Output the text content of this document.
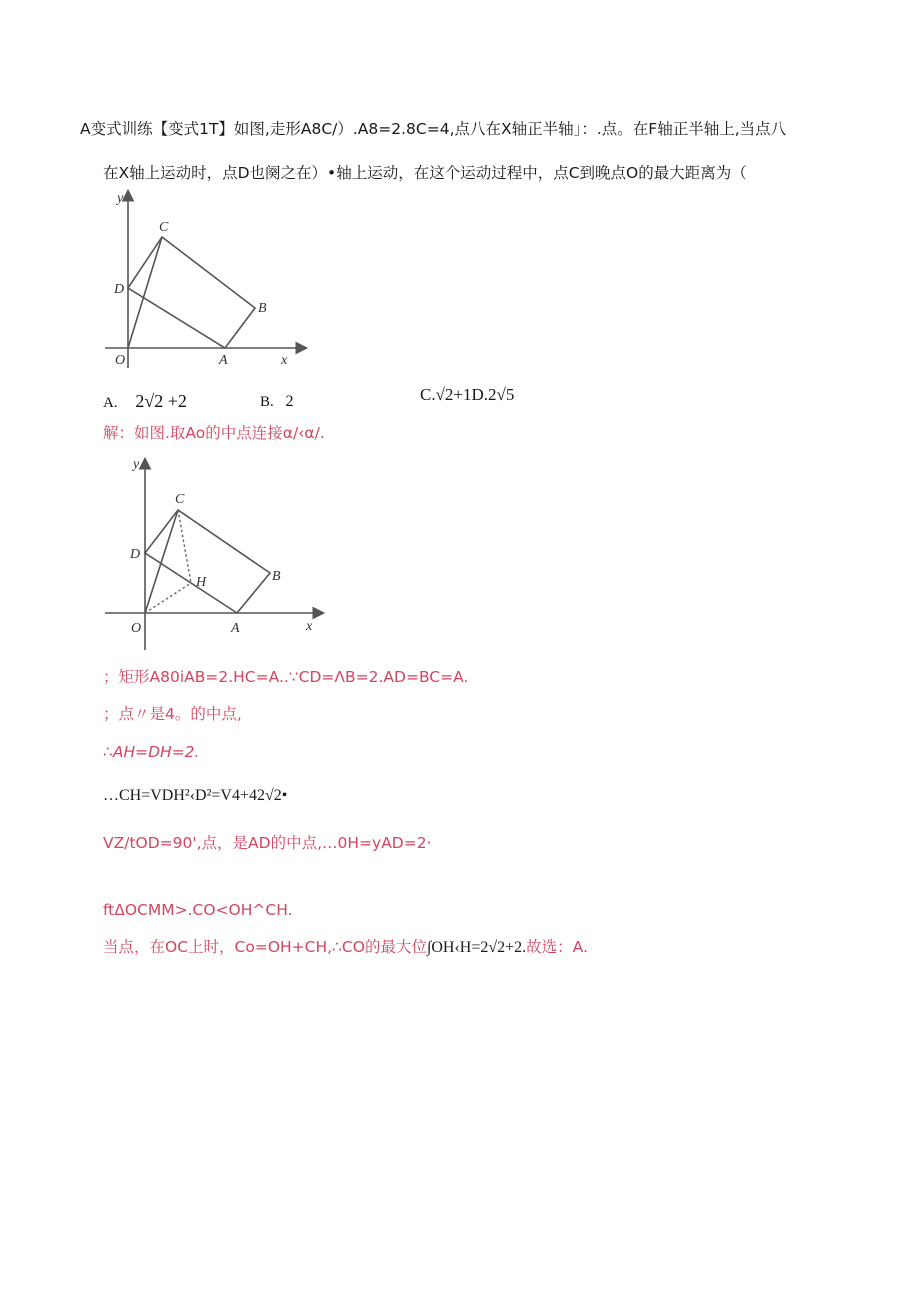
A变式训练【变式1T】如图,走形A8C/）.A8=2.8C=4,点八在X轴正半轴」：.点。在F轴正半轴上,当点八
在X轴上运动时，点D也阕之在）•轴上运动，在这个运动过程中，点C到晚点O的最大距离为（
y
C
D
B
O	A	x
A. 2√2 +2	B. 2	C.√2+1D.2√5
解：如图.取Ao的中点连接α/‹α/.
y
C
D
H	B
O	A	x
；矩形A80iAB=2.HC=A..∵CD=ΛB=2.AD=BC=A.
；点〃是4。的中点,
∴AH=DH=2.
…CH=VDH²‹D²=V4+42√2•
VZ/tOD=90',点，是AD的中点,…0H=yAD=2·
ftΔOCMM>.CO<OH^CH.
当点，在OC上时，Co=OH+CH,∴CO的最大位∫OH‹H=2√2+2.故选：A.
